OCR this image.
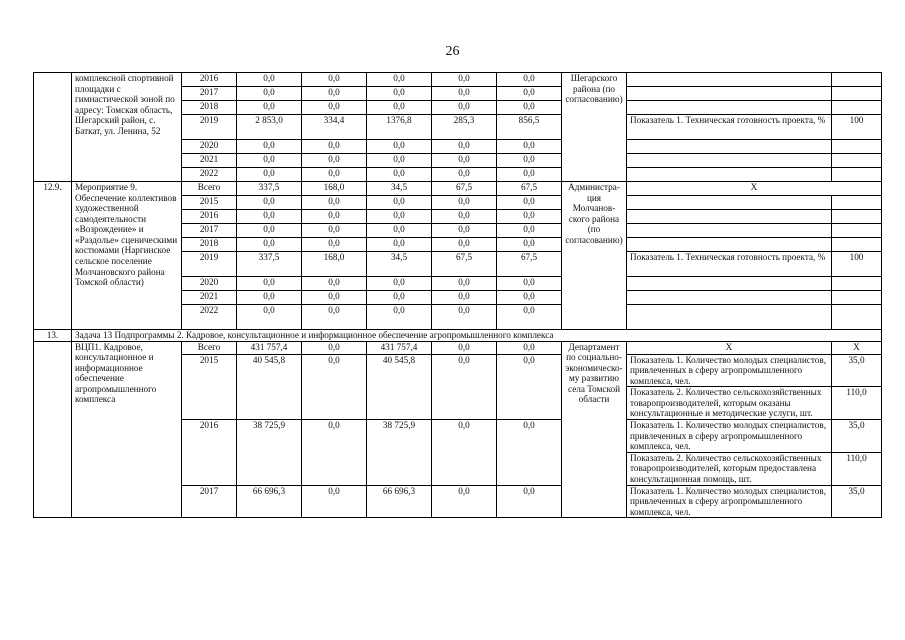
26
	комплексной спортивной площадки с гимнастической зоной по адресу: Томская область, Шегарский район, с. Баткат, ул. Ленина, 52	2016	0,0	0,0	0,0	0,0	0,0	Шегарского района (по согласованию)		
		2017	0,0	0,0	0,0	0,0	0,0			
		2018	0,0	0,0	0,0	0,0	0,0			
		2019	2 853,0	334,4	1376,8	285,3	856,5		Показатель 1. Техническая готовность проекта, %	100
		2020	0,0	0,0	0,0	0,0	0,0			
		2021	0,0	0,0	0,0	0,0	0,0			
		2022	0,0	0,0	0,0	0,0	0,0			
12.9.	Мероприятие 9. Обеспечение коллективов художественной самодеятельности «Возрождение» и «Раздолье» сценическими костюмами (Наргинское сельское поселение Молчановского района Томской области)	Всего	337,5	168,0	34,5	67,5	67,5	Администра-ция Молчанов-ского района (по согласованию)	Х	
		2015	0,0	0,0	0,0	0,0	0,0			
		2016	0,0	0,0	0,0	0,0	0,0			
		2017	0,0	0,0	0,0	0,0	0,0			
		2018	0,0	0,0	0,0	0,0	0,0			
		2019	337,5	168,0	34,5	67,5	67,5		Показатель 1. Техническая готовность проекта, %	100
		2020	0,0	0,0	0,0	0,0	0,0			
		2021	0,0	0,0	0,0	0,0	0,0			
		2022	0,0	0,0	0,0	0,0	0,0			
13.	Задача 13 Подпрограммы 2. Кадровое, консультационное и информационное обеспечение агропромышленного комплекса									
	ВЦП1. Кадровое, консультационное и информационное обеспечение агропромышленного комплекса	Всего	431 757,4	0,0	431 757,4	0,0	0,0	Департамент по социально-экономическо-му развитию села Томской области	Х	Х
		2015	40 545,8	0,0	40 545,8	0,0	0,0		Показатель 1. Количество молодых специалистов, привлеченных в сферу агропромышленного комплекса, чел.	35,0
									Показатель 2. Количество сельскохозяйственных товаропроизводителей, которым оказаны консультационные и методические услуги, шт.	110,0
		2016	38 725,9	0,0	38 725,9	0,0	0,0		Показатель 1. Количество молодых специалистов, привлеченных в сферу агропромышленного комплекса, чел.	35,0
									Показатель 2. Количество сельскохозяйственных товаропроизводителей, которым предоставлена консультационная помощь, шт.	110,0
		2017	66 696,3	0,0	66 696,3	0,0	0,0		Показатель 1. Количество молодых специалистов, привлеченных в сферу агропромышленного комплекса, чел.	35,0
